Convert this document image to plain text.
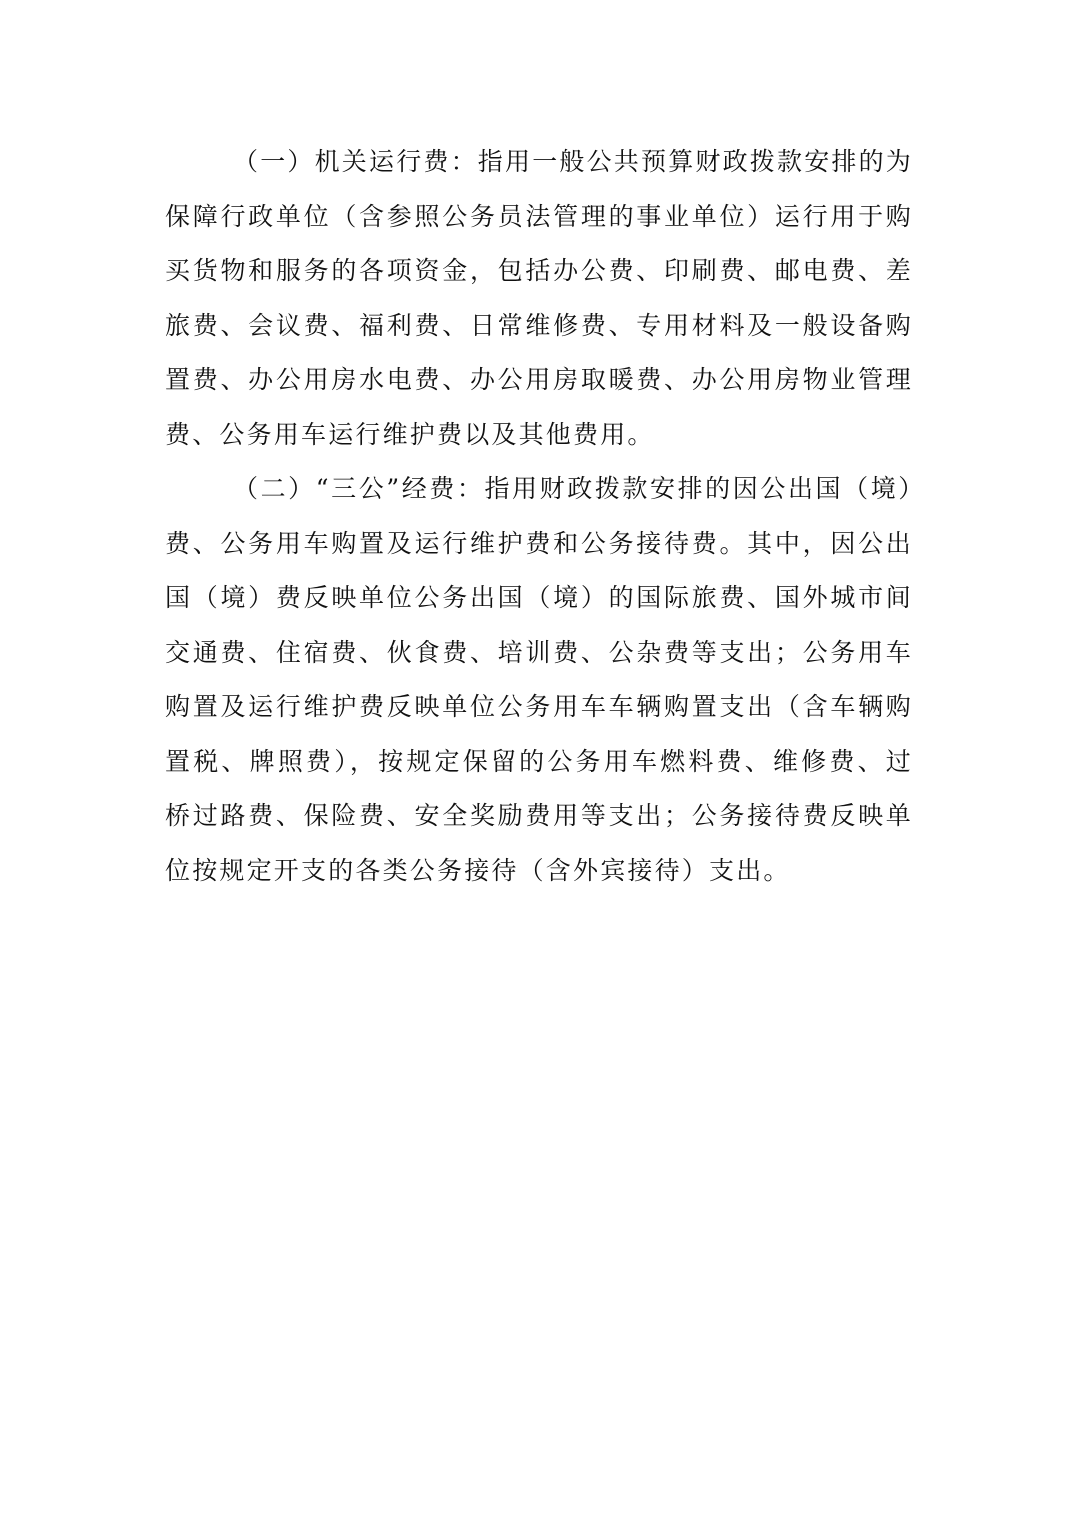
（一）机关运行费：指用一般公共预算财政拨款安排的为保障行政单位（含参照公务员法管理的事业单位）运行用于购买货物和服务的各项资金，包括办公费、印刷费、邮电费、差旅费、会议费、福利费、日常维修费、专用材料及一般设备购置费、办公用房水电费、办公用房取暖费、办公用房物业管理费、公务用车运行维护费以及其他费用。

（二）“三公”经费：指用财政拨款安排的因公出国（境）费、公务用车购置及运行维护费和公务接待费。其中，因公出国（境）费反映单位公务出国（境）的国际旅费、国外城市间交通费、住宿费、伙食费、培训费、公杂费等支出；公务用车购置及运行维护费反映单位公务用车车辆购置支出（含车辆购置税、牌照费），按规定保留的公务用车燃料费、维修费、过桥过路费、保险费、安全奖励费用等支出；公务接待费反映单位按规定开支的各类公务接待（含外宾接待）支出。
